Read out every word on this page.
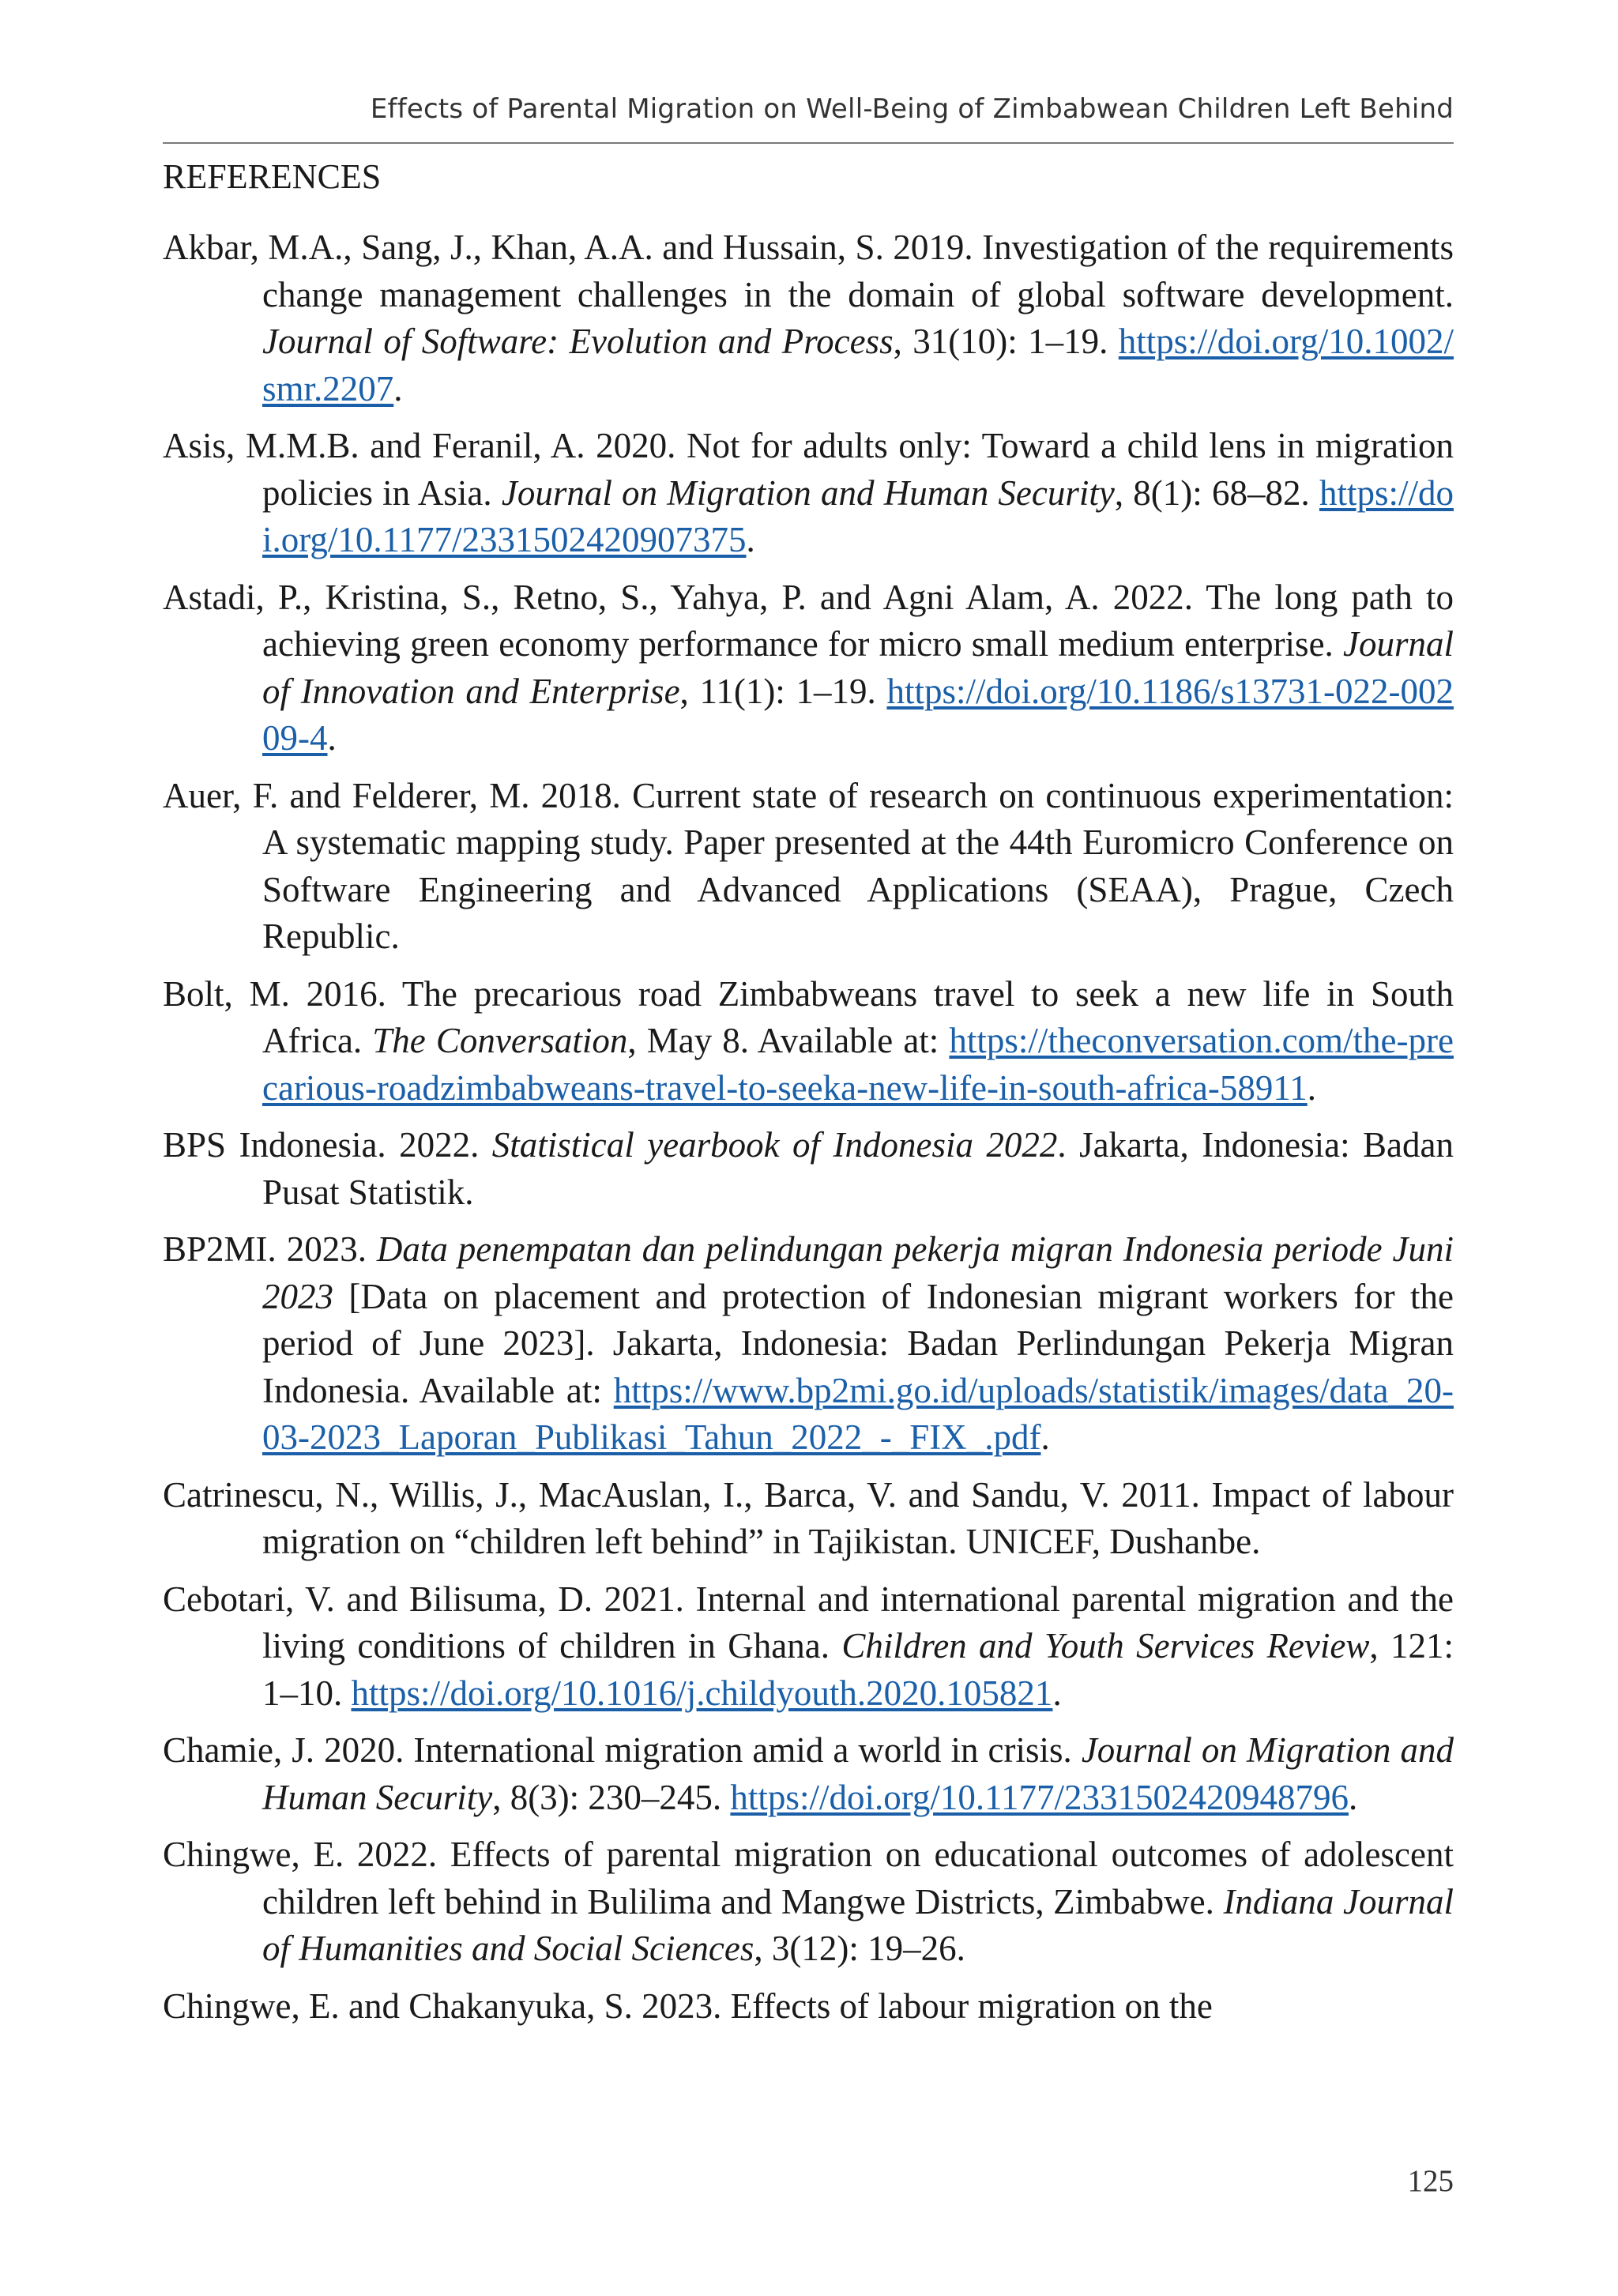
Effects of Parental Migration on Well-Being of Zimbabwean Children Left Behind
REFERENCES
Akbar, M.A., Sang, J., Khan, A.A. and Hussain, S. 2019. Investigation of the requirements change management challenges in the domain of global software development. Journal of Software: Evolution and Process, 31(10): 1–19. https://doi.org/10.1002/smr.2207.
Asis, M.M.B. and Feranil, A. 2020. Not for adults only: Toward a child lens in migration policies in Asia. Journal on Migration and Human Security, 8(1): 68–82. https://doi.org/10.1177/2331502420907375.
Astadi, P., Kristina, S., Retno, S., Yahya, P. and Agni Alam, A. 2022. The long path to achieving green economy performance for micro small medium enterprise. Journal of Innovation and Enterprise, 11(1): 1–19. https://doi.org/10.1186/s13731-022-00209-4.
Auer, F. and Felderer, M. 2018. Current state of research on continuous experimentation: A systematic mapping study. Paper presented at the 44th Euromicro Conference on Software Engineering and Advanced Applications (SEAA), Prague, Czech Republic.
Bolt, M. 2016. The precarious road Zimbabweans travel to seek a new life in South Africa. The Conversation, May 8. Available at: https://theconversation.com/the-precarious-roadzimbabweans-travel-to-seeka-new-life-in-south-africa-58911.
BPS Indonesia. 2022. Statistical yearbook of Indonesia 2022. Jakarta, Indonesia: Badan Pusat Statistik.
BP2MI. 2023. Data penempatan dan pelindungan pekerja migran Indonesia periode Juni 2023 [Data on placement and protection of Indonesian migrant workers for the period of June 2023]. Jakarta, Indonesia: Badan Perlindungan Pekerja Migran Indonesia. Available at: https://www.bp2mi.go.id/uploads/statistik/images/data_20-03-2023_Laporan_Publikasi_Tahun_2022_-_FIX_.pdf.
Catrinescu, N., Willis, J., MacAuslan, I., Barca, V. and Sandu, V. 2011. Impact of labour migration on “children left behind” in Tajikistan. UNICEF, Dushanbe.
Cebotari, V. and Bilisuma, D. 2021. Internal and international parental migration and the living conditions of children in Ghana. Children and Youth Services Review, 121: 1–10. https://doi.org/10.1016/j.childyouth.2020.105821.
Chamie, J. 2020. International migration amid a world in crisis. Journal on Migration and Human Security, 8(3): 230–245. https://doi.org/10.1177/2331502420948796.
Chingwe, E. 2022. Effects of parental migration on educational outcomes of adolescent children left behind in Bulilima and Mangwe Districts, Zimbabwe. Indiana Journal of Humanities and Social Sciences, 3(12): 19–26.
Chingwe, E. and Chakanyuka, S. 2023. Effects of labour migration on the
125
